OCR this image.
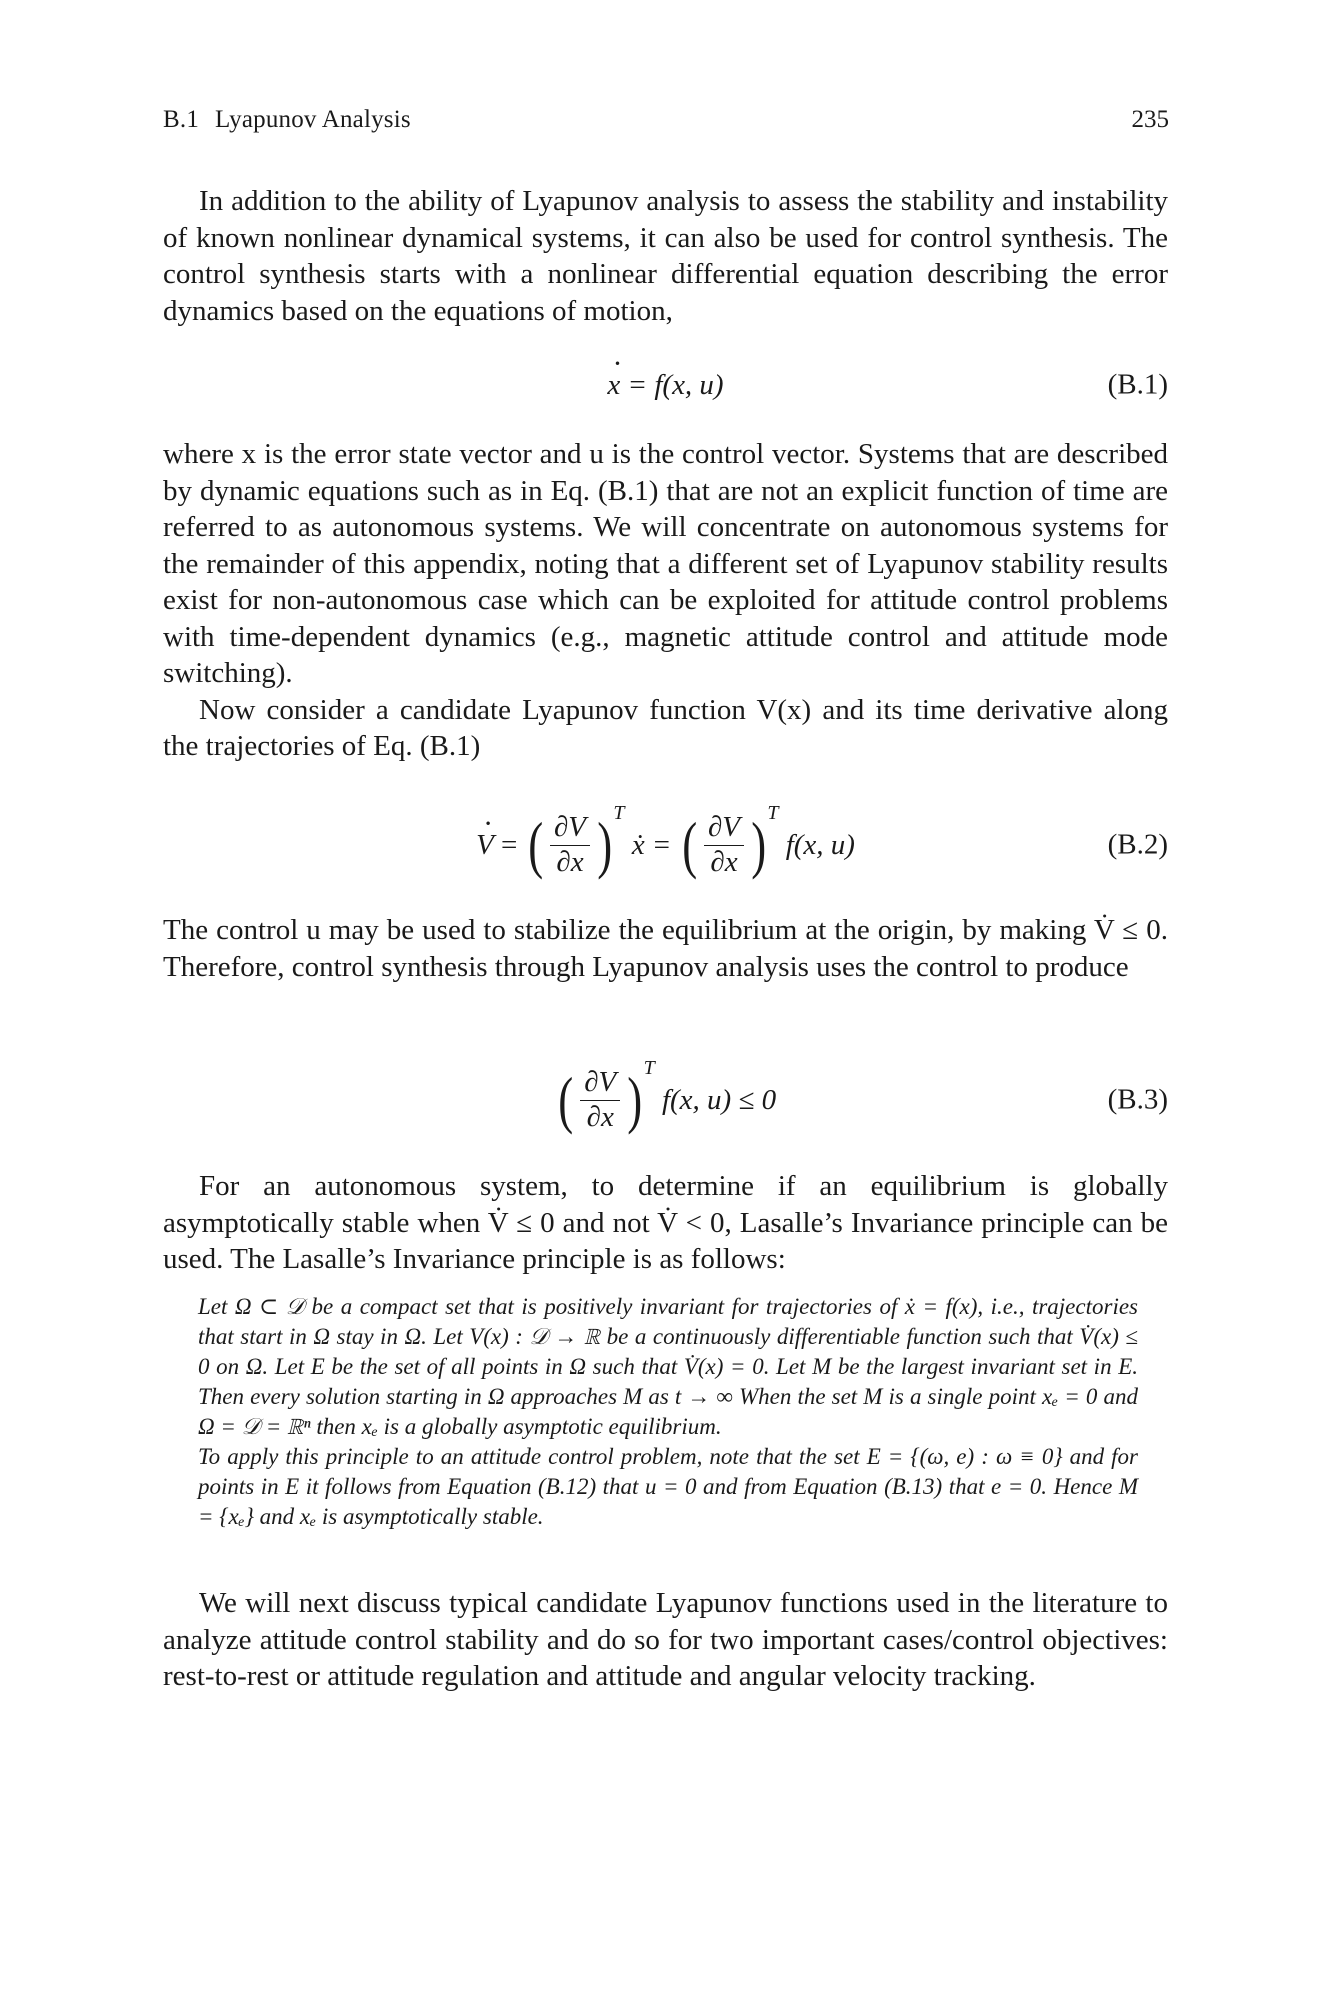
B.1 Lyapunov Analysis	235

In addition to the ability of Lyapunov analysis to assess the stability and instability of known nonlinear dynamical systems, it can also be used for control synthesis. The control synthesis starts with a nonlinear differential equation describing the error dynamics based on the equations of motion,

· x
= f(x, u)	(B.1)

where x is the error state vector and u is the control vector. Systems that are described by dynamic equations such as in Eq. (B.1) that are not an explicit function of time are referred to as autonomous systems. We will concentrate on autonomous systems for the remainder of this appendix, noting that a different set of Lyapunov stability results exist for non-autonomous case which can be exploited for attitude control problems with time-dependent dynamics (e.g., magnetic attitude control and attitude mode switching).

Now consider a candidate Lyapunov function V(x) and its time derivative along the trajectories of Eq. (B.1)

· V
=
( $\frac{\partial V}{\partial x}$ ) T

ẋ =
( $\frac{\partial V}{\partial x}$ ) T

f(x, u)	(B.2)

The control u may be used to stabilize the equilibrium at the origin, by making V̇ ≤ 0. Therefore, control synthesis through Lyapunov analysis uses the control to produce

( $\frac{\partial V}{\partial x}$ ) T

f(x, u) ≤ 0	(B.3)

For an autonomous system, to determine if an equilibrium is globally asymptotically stable when V̇ ≤ 0 and not V̇ < 0, Lasalle’s Invariance principle can be used. The Lasalle’s Invariance principle is as follows:

Let Ω ⊂ 𝒟 be a compact set that is positively invariant for trajectories of ẋ = f(x), i.e., trajectories that start in Ω stay in Ω. Let V(x) : 𝒟 → ℝ be a continuously differentiable function such that V̇(x) ≤ 0 on Ω. Let E be the set of all points in Ω such that V̇(x) = 0. Let M be the largest invariant set in E. Then every solution starting in Ω approaches M as t → ∞ When the set M is a single point xₑ = 0 and Ω = 𝒟 = ℝⁿ then xₑ is a globally asymptotic equilibrium.

To apply this principle to an attitude control problem, note that the set E = {(ω, e) : ω ≡ 0} and for points in E it follows from Equation (B.12) that u = 0 and from Equation (B.13) that e = 0. Hence M = {xₑ} and xₑ is asymptotically stable.

We will next discuss typical candidate Lyapunov functions used in the literature to analyze attitude control stability and do so for two important cases/control objectives: rest-to-rest or attitude regulation and attitude and angular velocity tracking.
